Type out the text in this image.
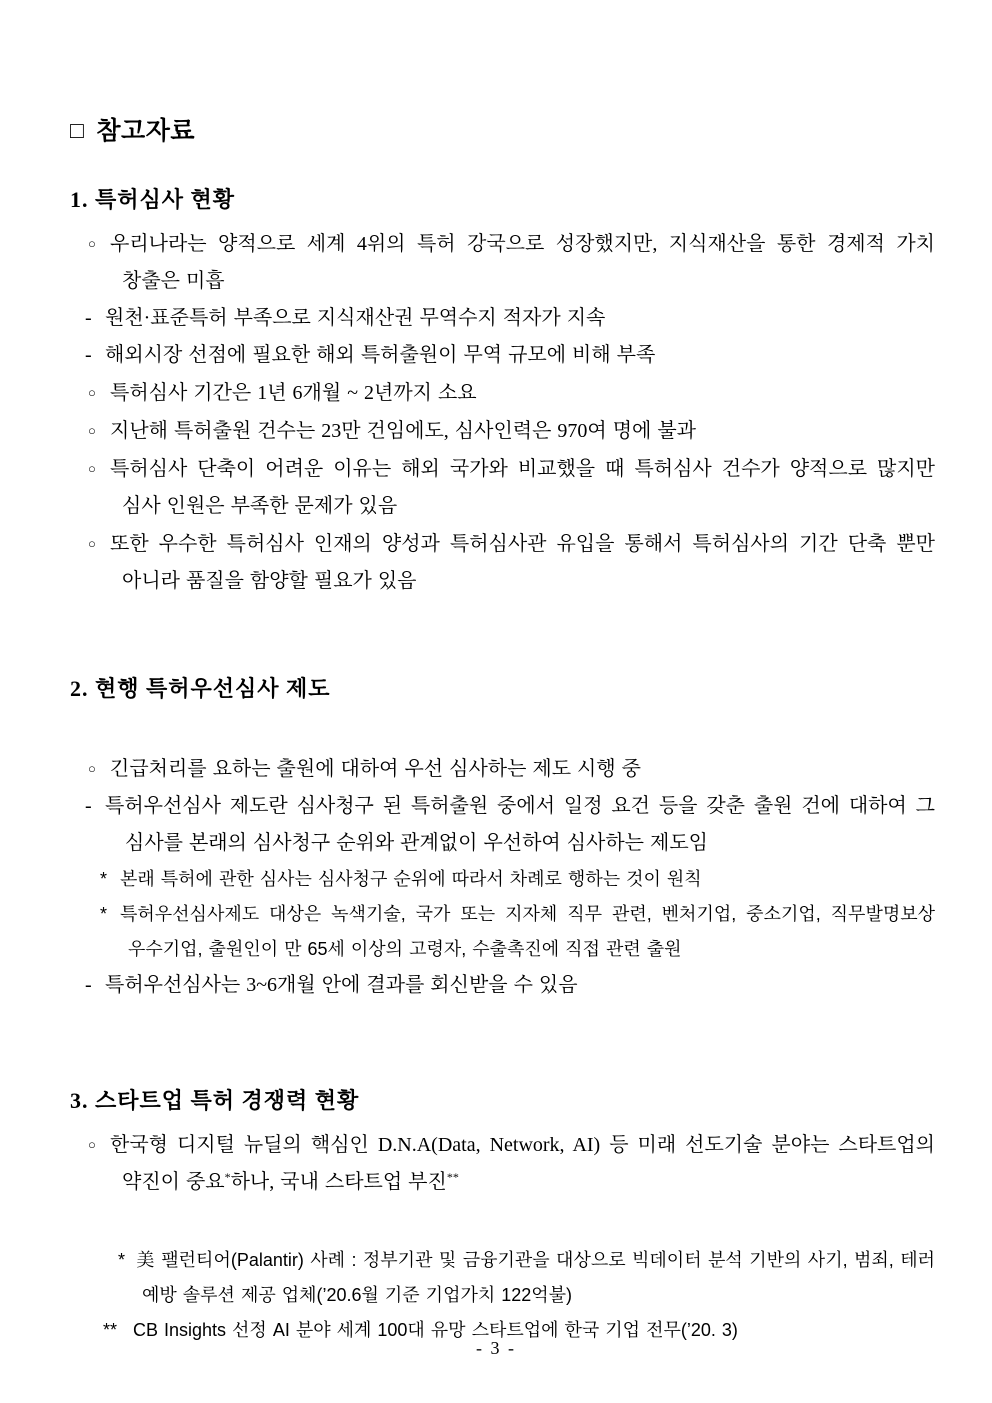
□ 참고자료
1. 특허심사 현황
○ 우리나라는 양적으로 세계 4위의 특허 강국으로 성장했지만, 지식재산을 통한 경제적 가치 창출은 미흡
- 원천·표준특허 부족으로 지식재산권 무역수지 적자가 지속
- 해외시장 선점에 필요한 해외 특허출원이 무역 규모에 비해 부족
○ 특허심사 기간은 1년 6개월 ~ 2년까지 소요
○ 지난해 특허출원 건수는 23만 건임에도, 심사인력은 970여 명에 불과
○ 특허심사 단축이 어려운 이유는 해외 국가와 비교했을 때 특허심사 건수가 양적으로 많지만 심사 인원은 부족한 문제가 있음
○ 또한 우수한 특허심사 인재의 양성과 특허심사관 유입을 통해서 특허심사의 기간 단축 뿐만 아니라 품질을 함양할 필요가 있음
2. 현행 특허우선심사 제도
○ 긴급처리를 요하는 출원에 대하여 우선 심사하는 제도 시행 중
- 특허우선심사 제도란 심사청구 된 특허출원 중에서 일정 요건 등을 갖춘 출원 건에 대하여 그 심사를 본래의 심사청구 순위와 관계없이 우선하여 심사하는 제도임
* 본래 특허에 관한 심사는 심사청구 순위에 따라서 차례로 행하는 것이 원칙
* 특허우선심사제도 대상은 녹색기술, 국가 또는 지자체 직무 관련, 벤처기업, 중소기업, 직무발명보상 우수기업, 출원인이 만 65세 이상의 고령자, 수출촉진에 직접 관련 출원
- 특허우선심사는 3~6개월 안에 결과를 회신받을 수 있음
3. 스타트업 특허 경쟁력 현황
○ 한국형 디지털 뉴딜의 핵심인 D.N.A(Data, Network, AI) 등 미래 선도기술 분야는 스타트업의 약진이 중요*하나, 국내 스타트업 부진**
* 美 팰런티어(Palantir) 사례 : 정부기관 및 금융기관을 대상으로 빅데이터 분석 기반의 사기, 범죄, 테러 예방 솔루션 제공 업체(’20.6월 기준 기업가치 122억불)
** CB Insights 선정 AI 분야 세계 100대 유망 스타트업에 한국 기업 전무(’20. 3)
- 3 -
